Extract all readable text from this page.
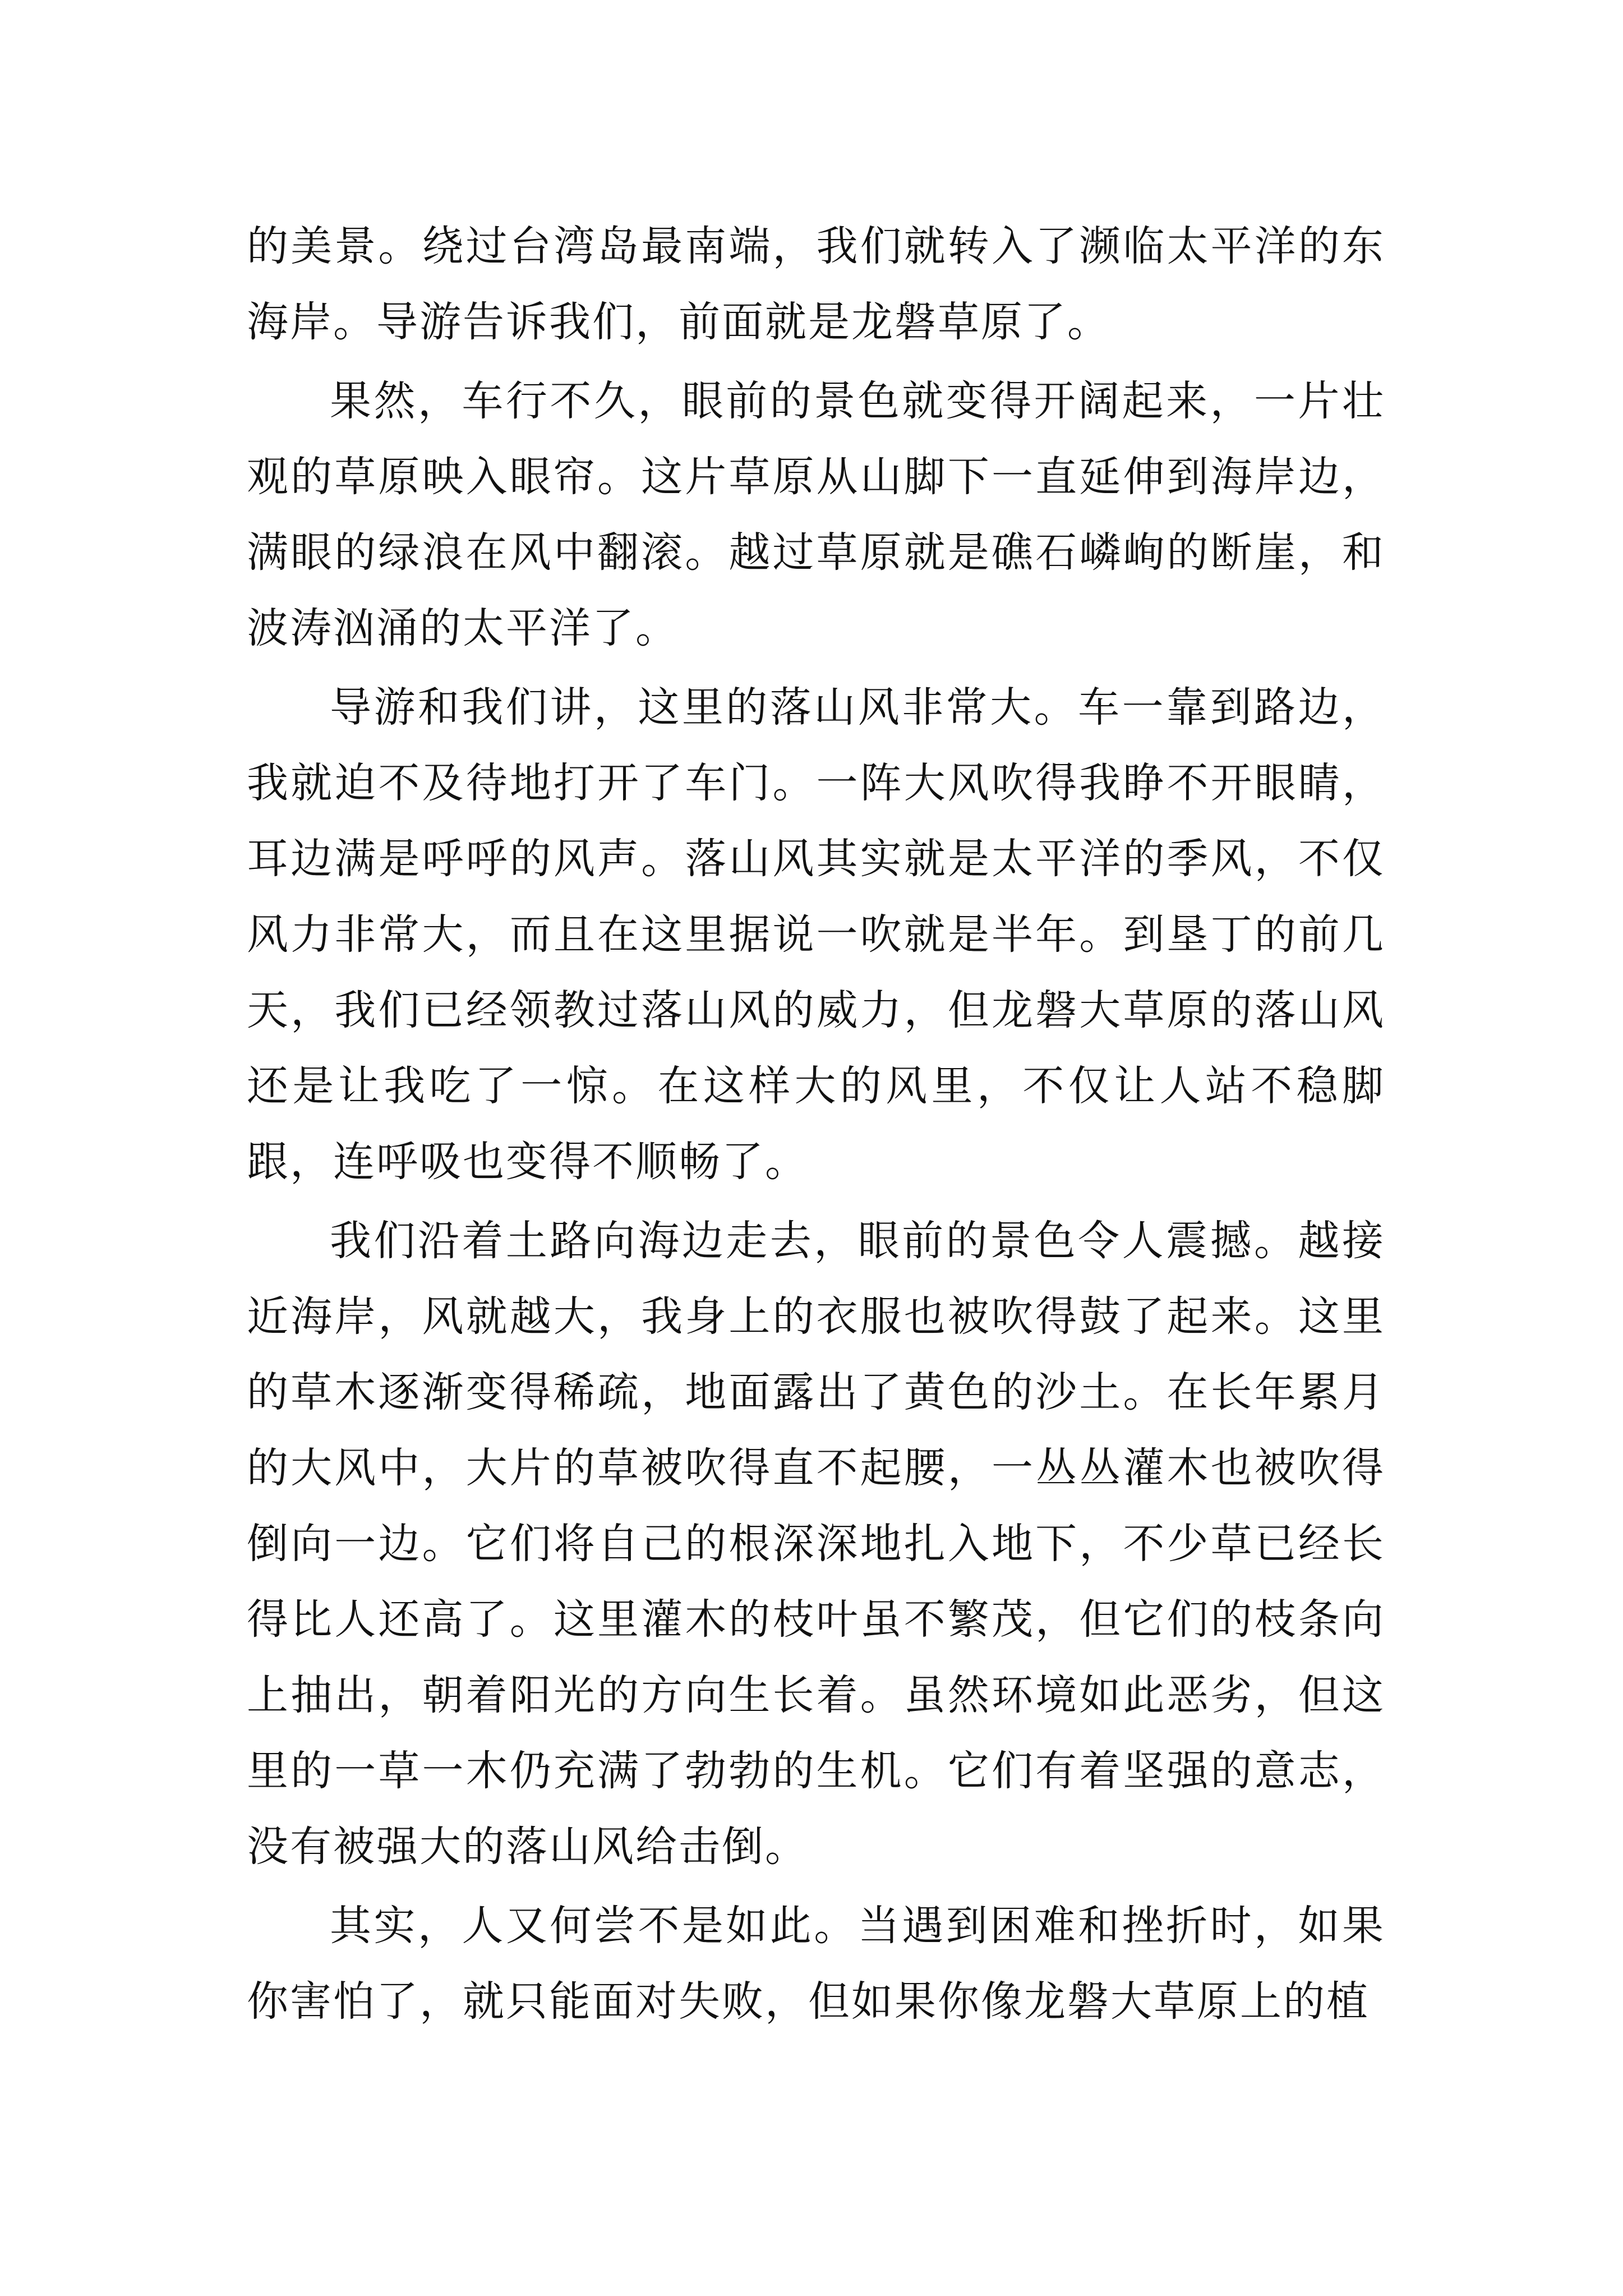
的美景。绕过台湾岛最南端，我们就转入了濒临太平洋的东海岸。导游告诉我们，前面就是龙磐草原了。

果然，车行不久，眼前的景色就变得开阔起来，一片壮观的草原映入眼帘。这片草原从山脚下一直延伸到海岸边，满眼的绿浪在风中翻滚。越过草原就是礁石嶙峋的断崖，和波涛汹涌的太平洋了。

导游和我们讲，这里的落山风非常大。车一靠到路边，我就迫不及待地打开了车门。一阵大风吹得我睁不开眼睛，耳边满是呼呼的风声。落山风其实就是太平洋的季风，不仅风力非常大，而且在这里据说一吹就是半年。到垦丁的前几天，我们已经领教过落山风的威力，但龙磐大草原的落山风还是让我吃了一惊。在这样大的风里，不仅让人站不稳脚跟，连呼吸也变得不顺畅了。

我们沿着土路向海边走去，眼前的景色令人震撼。越接近海岸，风就越大，我身上的衣服也被吹得鼓了起来。这里的草木逐渐变得稀疏，地面露出了黄色的沙土。在长年累月的大风中，大片的草被吹得直不起腰，一丛丛灌木也被吹得倒向一边。它们将自己的根深深地扎入地下，不少草已经长得比人还高了。这里灌木的枝叶虽不繁茂，但它们的枝条向上抽出，朝着阳光的方向生长着。虽然环境如此恶劣，但这里的一草一木仍充满了勃勃的生机。它们有着坚强的意志，没有被强大的落山风给击倒。

其实，人又何尝不是如此。当遇到困难和挫折时，如果你害怕了，就只能面对失败，但如果你像龙磐大草原上的植
